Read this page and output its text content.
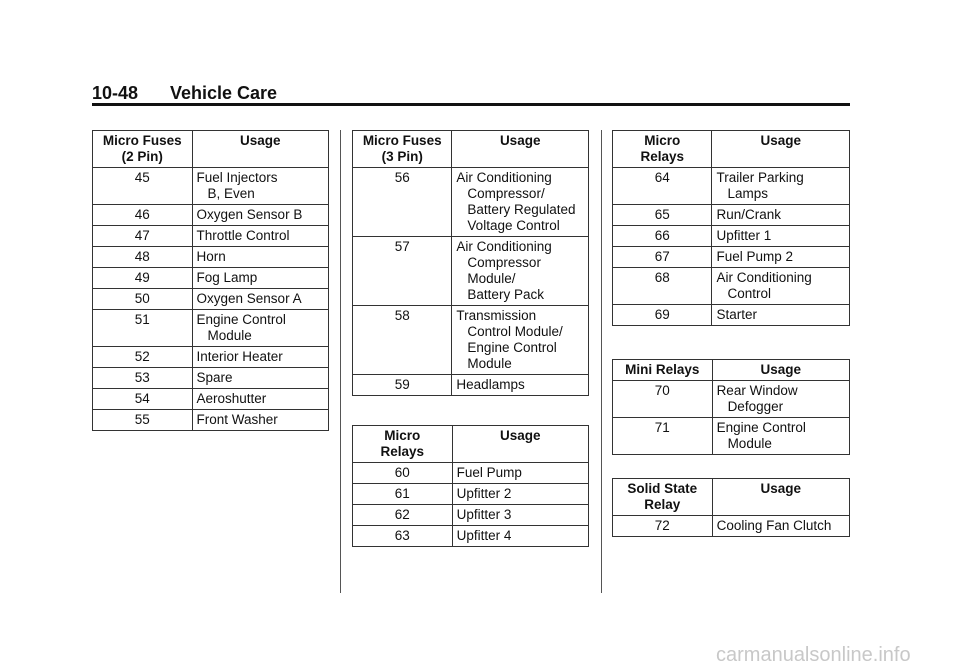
10-48 Vehicle Care
Micro Fuses
(2 Pin)	Usage
45	Fuel Injectors
B, Even

46	Oxygen Sensor B

47	Throttle Control

48	Horn

49	Fog Lamp

50	Oxygen Sensor A

51	Engine Control
Module

52	Interior Heater

53	Spare

54	Aeroshutter

55	Front Washer
Micro Fuses
(3 Pin)	Usage
56	Air Conditioning
Compressor/
Battery Regulated
Voltage Control

57	Air Conditioning
Compressor
Module/
Battery Pack

58	Transmission
Control Module/
Engine Control
Module

59	Headlamps
Micro
Relays	Usage
60	Fuel Pump

61	Upfitter 2

62	Upfitter 3

63	Upfitter 4
Micro
Relays	Usage
64	Trailer Parking
Lamps

65	Run/Crank

66	Upfitter 1

67	Fuel Pump 2

68	Air Conditioning
Control

69	Starter
Mini Relays	Usage
70	Rear Window
Defogger

71	Engine Control
Module
Solid State
Relay	Usage
72	Cooling Fan Clutch
carmanualsonline.info
